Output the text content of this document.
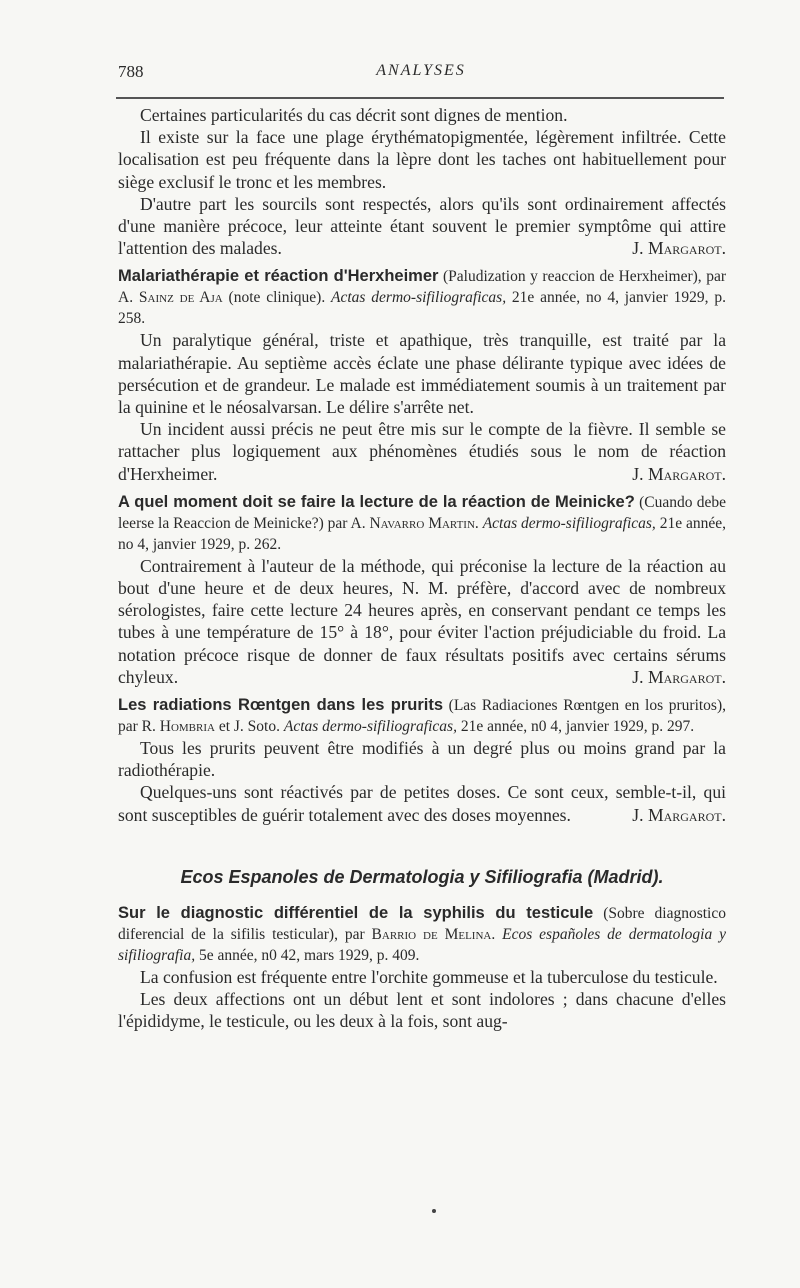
788	ANALYSES

Certaines particularités du cas décrit sont dignes de mention.

Il existe sur la face une plage érythématopigmentée, légèrement infiltrée. Cette localisation est peu fréquente dans la lèpre dont les taches ont habituellement pour siège exclusif le tronc et les membres.

D'autre part les sourcils sont respectés, alors qu'ils sont ordinairement affectés d'une manière précoce, leur atteinte étant souvent le premier symptôme qui attire l'attention des malades.	J. Margarot.

Malariathérapie et réaction d'Herxheimer (Paludization y reaccion de Herxheimer), par A. Sainz de Aja (note clinique). Actas dermo-sifiliograficas, 21e année, no 4, janvier 1929, p. 258.

Un paralytique général, triste et apathique, très tranquille, est traité par la malariathérapie. Au septième accès éclate une phase délirante typique avec idées de persécution et de grandeur. Le malade est immédiatement soumis à un traitement par la quinine et le néosalvarsan. Le délire s'arrête net.

Un incident aussi précis ne peut être mis sur le compte de la fièvre. Il semble se rattacher plus logiquement aux phénomènes étudiés sous le nom de réaction d'Herxheimer.	J. Margarot.

A quel moment doit se faire la lecture de la réaction de Meinicke? (Cuando debe leerse la Reaccion de Meinicke?) par A. Navarro Martin. Actas dermo-sifiliograficas, 21e année, no 4, janvier 1929, p. 262.

Contrairement à l'auteur de la méthode, qui préconise la lecture de la réaction au bout d'une heure et de deux heures, N. M. préfère, d'accord avec de nombreux sérologistes, faire cette lecture 24 heures après, en conservant pendant ce temps les tubes à une température de 15° à 18°, pour éviter l'action préjudiciable du froid. La notation précoce risque de donner de faux résultats positifs avec certains sérums chyleux.	J. Margarot.

Les radiations Rœntgen dans les prurits (Las Radiaciones Rœntgen en los pruritos), par R. Hombria et J. Soto. Actas dermo-sifiliograficas, 21e année, n0 4, janvier 1929, p. 297.

Tous les prurits peuvent être modifiés à un degré plus ou moins grand par la radiothérapie.

Quelques-uns sont réactivés par de petites doses. Ce sont ceux, semble-t-il, qui sont susceptibles de guérir totalement avec des doses moyennes.	J. Margarot.

Ecos Espanoles de Dermatologia y Sifiliografia (Madrid).

Sur le diagnostic différentiel de la syphilis du testicule (Sobre diagnostico diferencial de la sifilis testicular), par Barrio de Melina. Ecos españoles de dermatologia y sifiliografia, 5e année, n0 42, mars 1929, p. 409.

La confusion est fréquente entre l'orchite gommeuse et la tuberculose du testicule.

Les deux affections ont un début lent et sont indolores ; dans chacune d'elles l'épididyme, le testicule, ou les deux à la fois, sont aug-
